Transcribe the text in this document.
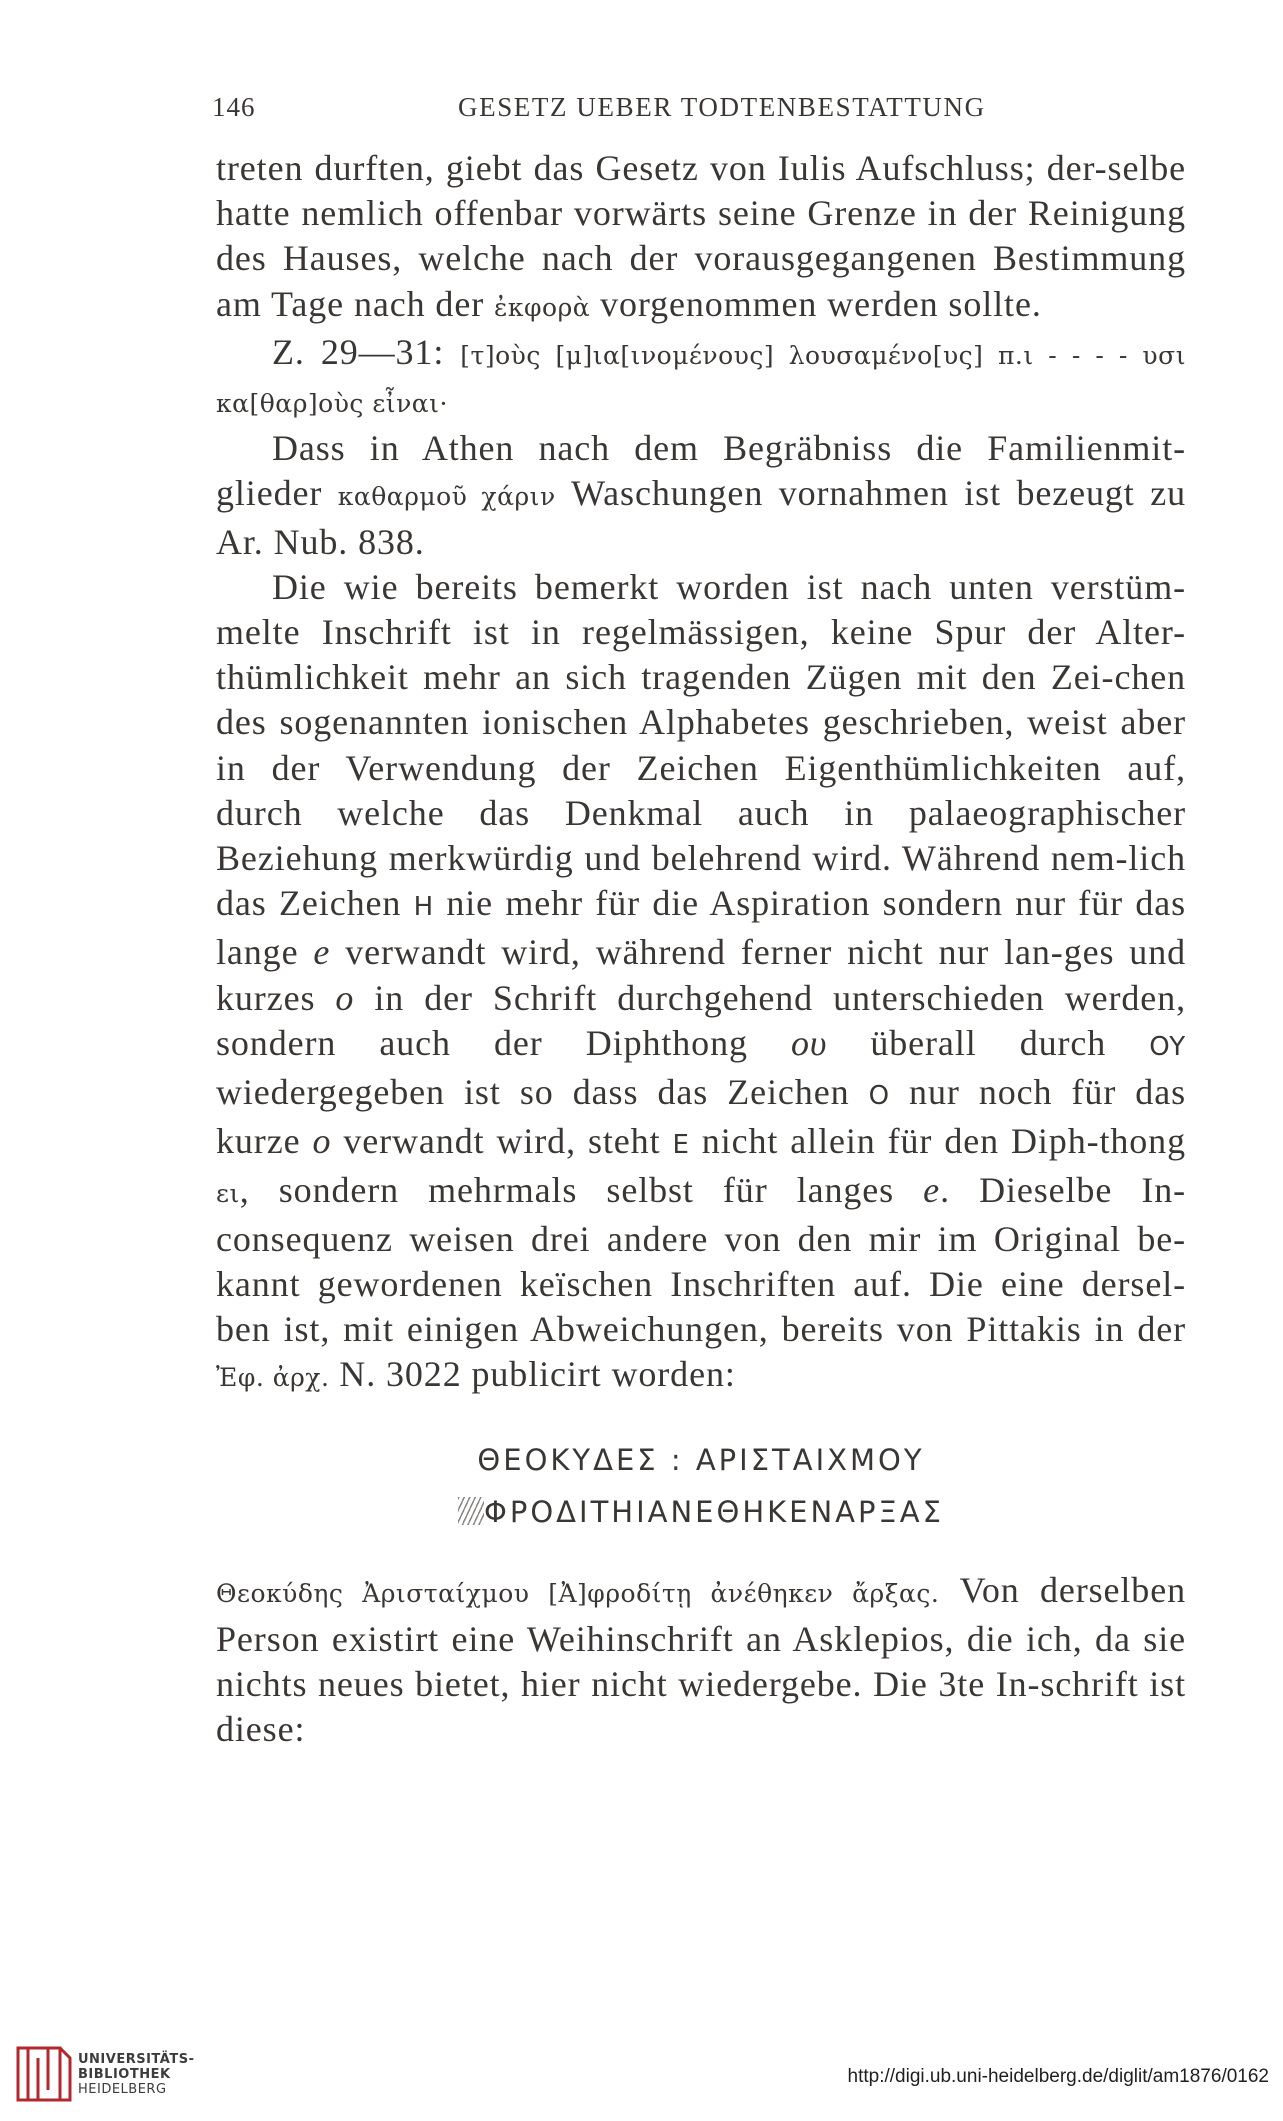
146	GESETZ UEBER TODTENBESTATTUNG

treten durften, giebt das Gesetz von Iulis Aufschluss; der-selbe hatte nemlich offenbar vorwärts seine Grenze in der Reinigung des Hauses, welche nach der vorausgegangenen Bestimmung am Tage nach der ἐκφορὰ vorgenommen werden sollte.

Z. 29—31: [τ]οὺς [μ]ια[ινομένους] λουσαμένο[υς] π.ι - - - - υσι κα[θαρ]οὺς εἶναι·

Dass in Athen nach dem Begräbniss die Familienmit-glieder καθαρμοῦ χάριν Waschungen vornahmen ist bezeugt zu Ar. Nub. 838.

Die wie bereits bemerkt worden ist nach unten verstüm-melte Inschrift ist in regelmässigen, keine Spur der Alter-thümlichkeit mehr an sich tragenden Zügen mit den Zei-chen des sogenannten ionischen Alphabetes geschrieben, weist aber in der Verwendung der Zeichen Eigenthümlichkeiten auf, durch welche das Denkmal auch in palaeographischer Beziehung merkwürdig und belehrend wird. Während nem-lich das Zeichen H nie mehr für die Aspiration sondern nur für das lange e verwandt wird, während ferner nicht nur lan-ges und kurzes o in der Schrift durchgehend unterschieden werden, sondern auch der Diphthong ου überall durch OY wiedergegeben ist so dass das Zeichen O nur noch für das kurze o verwandt wird, steht E nicht allein für den Diph-thong ει, sondern mehrmals selbst für langes e. Dieselbe In-consequenz weisen drei andere von den mir im Original be-kannt gewordenen keïschen Inschriften auf. Die eine dersel-ben ist, mit einigen Abweichungen, bereits von Pittakis in der Ἐφ. ἀρχ. N. 3022 publicirt worden:

ΘΕΟΚΥΔΕΣ : ΑΡΙΣΤΑΙΧΜΟΥ
ΦΡΟΔΙΤΗΙΑΝΕΘΗΚΕΝΑΡΞΑΣ

Θεοκύδης Ἀρισταίχμου [Ἀ]φροδίτῃ ἀνέθηκεν ἄρξας. Von derselben Person existirt eine Weihinschrift an Asklepios, die ich, da sie nichts neues bietet, hier nicht wiedergebe. Die 3te In-schrift ist diese:

UNIVERSITÄTS-
BIBLIOTHEK
HEIDELBERG
http://digi.ub.uni-heidelberg.de/diglit/am1876/0162
